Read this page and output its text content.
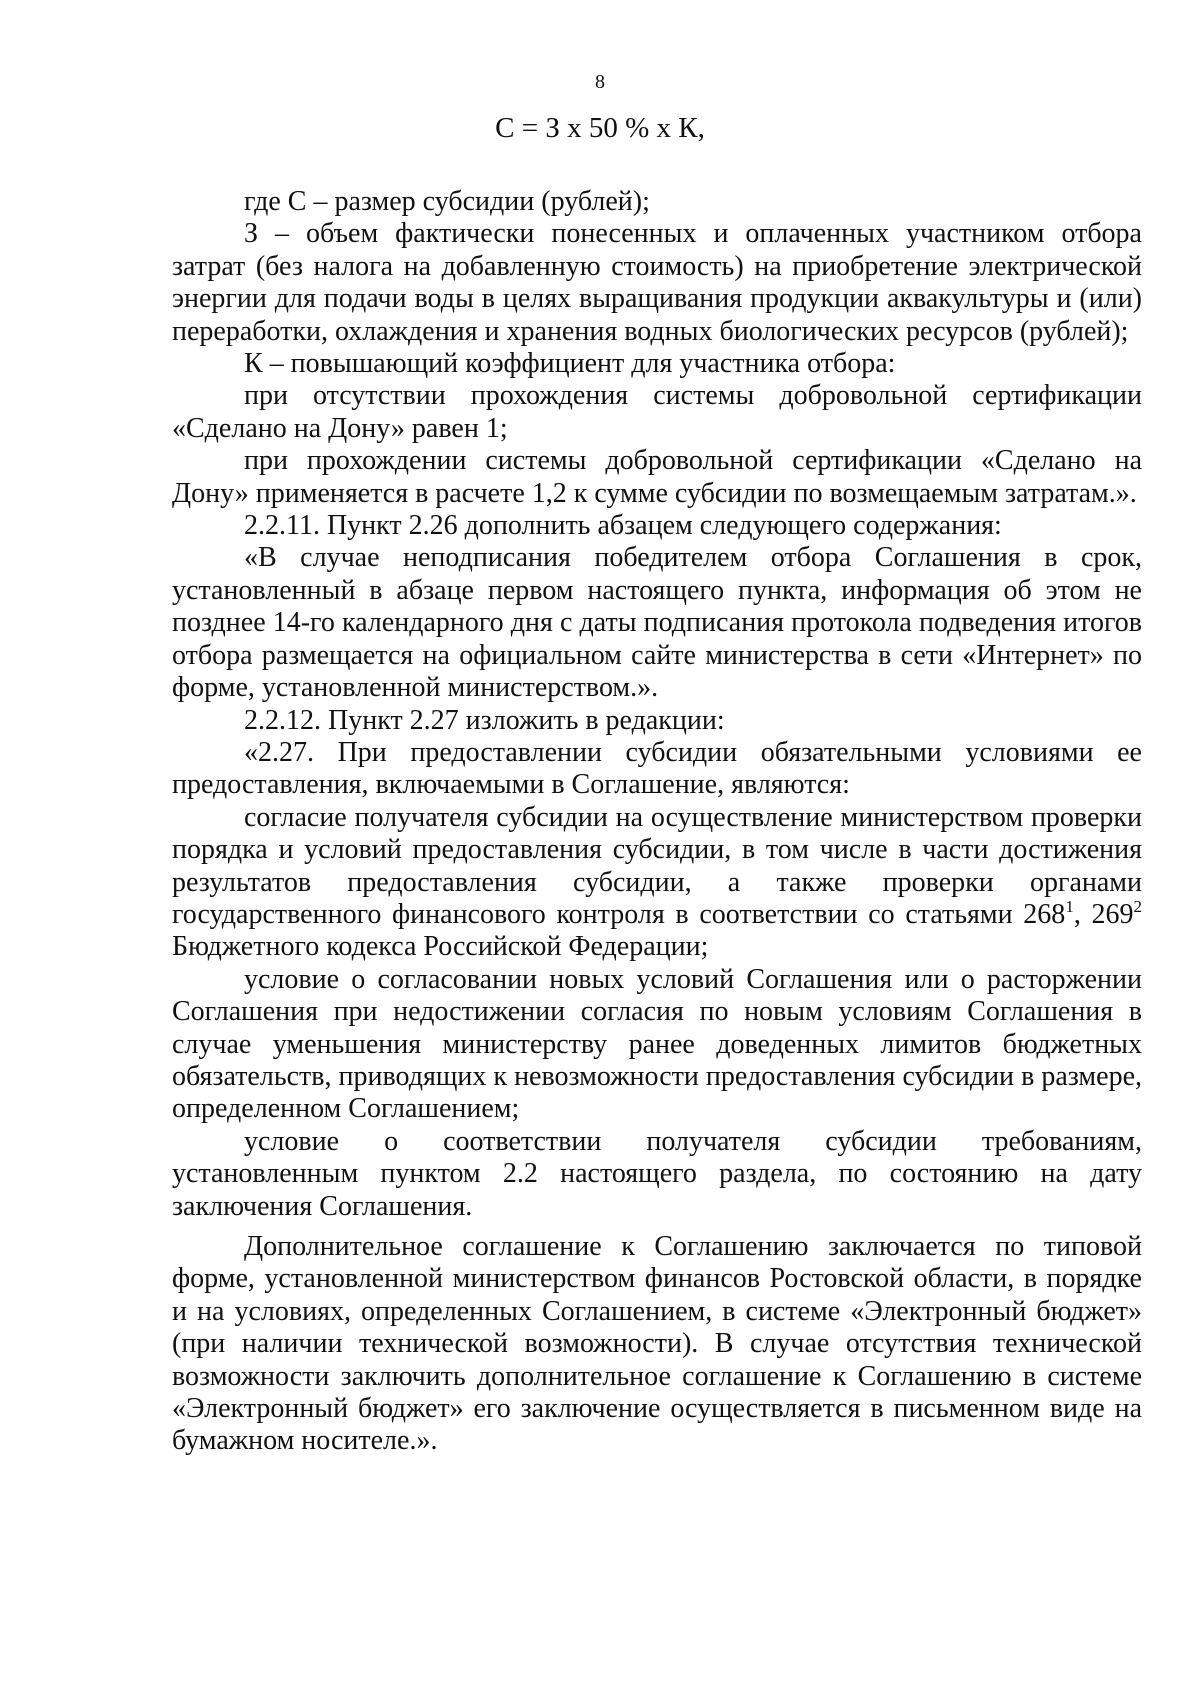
8
С = З х 50 % х К,

где С – размер субсидии (рублей);

З – объем фактически понесенных и оплаченных участником отбора затрат (без налога на добавленную стоимость) на приобретение электрической энергии для подачи воды в целях выращивания продукции аквакультуры и (или) переработки, охлаждения и хранения водных биологических ресурсов (рублей);

К – повышающий коэффициент для участника отбора:

при отсутствии прохождения системы добровольной сертификации «Сделано на Дону» равен 1;

при прохождении системы добровольной сертификации «Сделано на Дону» применяется в расчете 1,2 к сумме субсидии по возмещаемым затратам.».

2.2.11. Пункт 2.26 дополнить абзацем следующего содержания:

«В случае неподписания победителем отбора Соглашения в срок, установленный в абзаце первом настоящего пункта, информация об этом не позднее 14-го календарного дня с даты подписания протокола подведения итогов отбора размещается на официальном сайте министерства в сети «Интернет» по форме, установленной министерством.».

2.2.12. Пункт 2.27 изложить в редакции:

«2.27. При предоставлении субсидии обязательными условиями ее предоставления, включаемыми в Соглашение, являются:

согласие получателя субсидии на осуществление министерством проверки порядка и условий предоставления субсидии, в том числе в части достижения результатов предоставления субсидии, а также проверки органами государственного финансового контроля в соответствии со статьями $268^1$, $269^2$ Бюджетного кодекса Российской Федерации;

условие о согласовании новых условий Соглашения или о расторжении Соглашения при недостижении согласия по новым условиям Соглашения в случае уменьшения министерству ранее доведенных лимитов бюджетных обязательств, приводящих к невозможности предоставления субсидии в размере, определенном Соглашением;

условие о соответствии получателя субсидии требованиям, установленным пунктом 2.2 настоящего раздела, по состоянию на дату заключения Соглашения.

Дополнительное соглашение к Соглашению заключается по типовой форме, установленной министерством финансов Ростовской области, в порядке и на условиях, определенных Соглашением, в системе «Электронный бюджет» (при наличии технической возможности). В случае отсутствия технической возможности заключить дополнительное соглашение к Соглашению в системе «Электронный бюджет» его заключение осуществляется в письменном виде на бумажном носителе.».
